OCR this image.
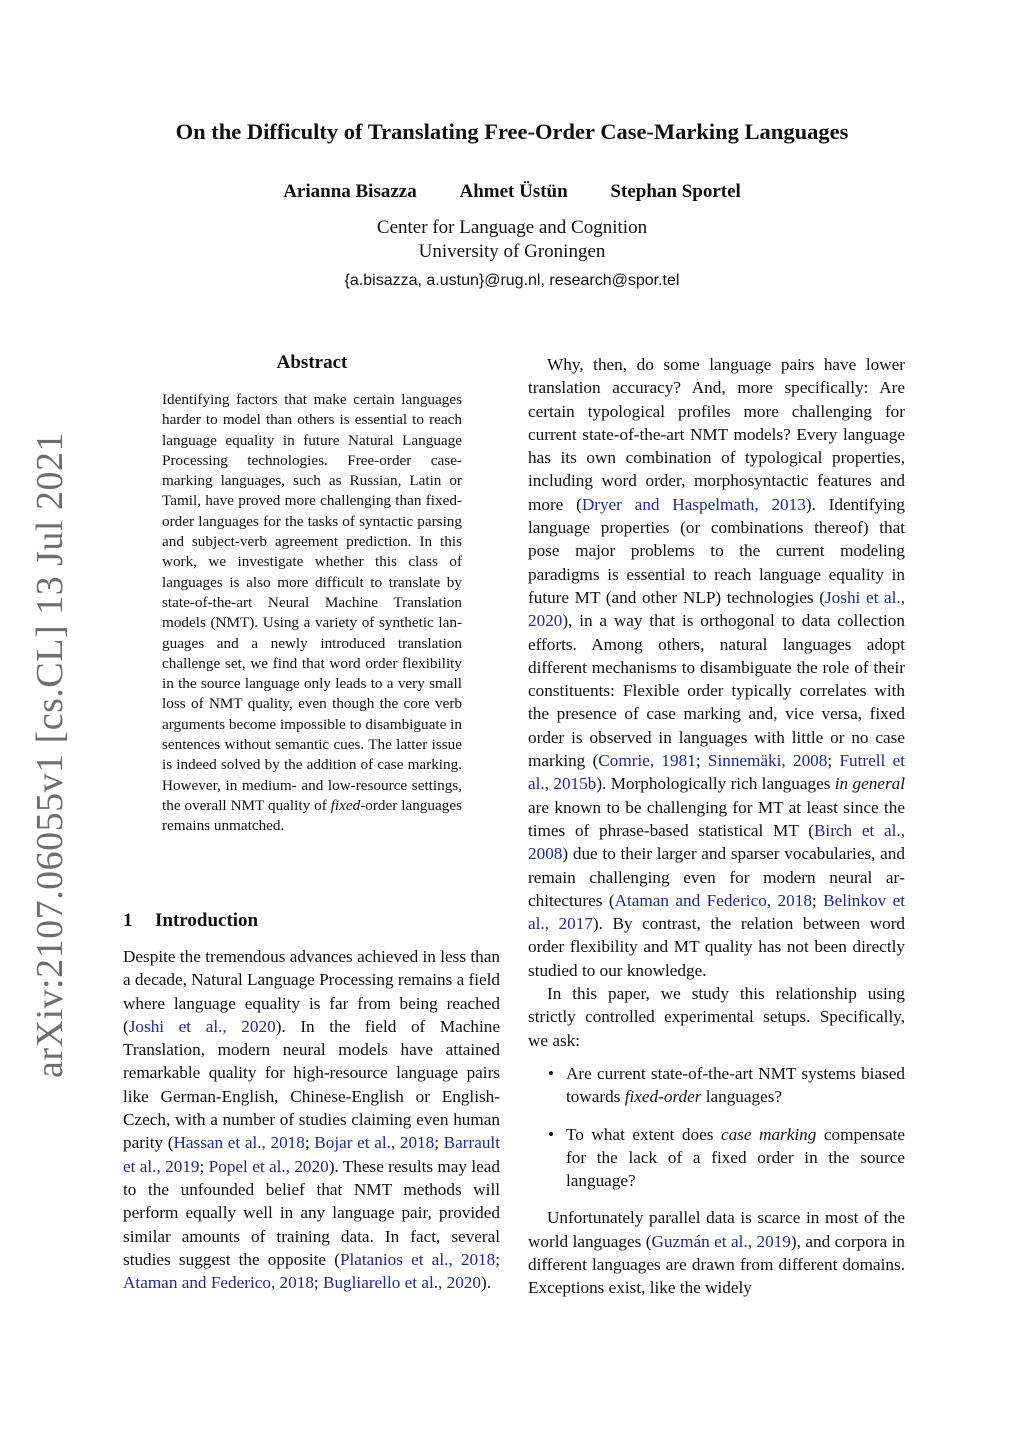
arXiv:2107.06055v1 [cs.CL] 13 Jul 2021
On the Difficulty of Translating Free-Order Case-Marking Languages
Arianna Bisazza Ahmet Üstün Stephan Sportel
Center for Language and Cognition
University of Groningen
{a.bisazza, a.ustun}@rug.nl, research@spor.tel
Abstract
Identifying factors that make certain languages harder to model than others is essential to reach language equality in future Natural Language Processing technologies. Free-order case-marking languages, such as Russian, Latin or Tamil, have proved more challenging than fixed-order languages for the tasks of syntactic parsing and subject-verb agreement prediction. In this work, we investigate whether this class of languages is also more difficult to translate by state-of-the-art Neural Machine Translation models (NMT). Using a variety of synthetic languages and a newly introduced translation challenge set, we find that word order flexibility in the source language only leads to a very small loss of NMT quality, even though the core verb arguments become impossible to disambiguate in sentences without semantic cues. The latter issue is indeed solved by the addition of case marking. However, in medium- and low-resource settings, the overall NMT quality of fixed-order languages remains unmatched.
1 Introduction

Despite the tremendous advances achieved in less than a decade, Natural Language Processing remains a field where language equality is far from being reached (Joshi et al., 2020). In the field of Machine Translation, modern neural models have attained remarkable quality for high-resource language pairs like German-English, Chinese-English or English-Czech, with a number of studies claiming even human parity (Hassan et al., 2018; Bojar et al., 2018; Barrault et al., 2019; Popel et al., 2020). These results may lead to the unfounded belief that NMT methods will perform equally well in any language pair, provided similar amounts of training data. In fact, several studies suggest the opposite (Platanios et al., 2018; Ataman and Federico, 2018; Bugliarello et al., 2020).

Why, then, do some language pairs have lower translation accuracy? And, more specifically: Are certain typological profiles more challenging for current state-of-the-art NMT models? Every language has its own combination of typological properties, including word order, morphosyntactic features and more (Dryer and Haspelmath, 2013). Identifying language properties (or combinations thereof) that pose major problems to the current modeling paradigms is essential to reach language equality in future MT (and other NLP) technologies (Joshi et al., 2020), in a way that is orthogonal to data collection efforts. Among others, natural languages adopt different mechanisms to disambiguate the role of their constituents: Flexible order typically correlates with the presence of case marking and, vice versa, fixed order is observed in languages with little or no case marking (Comrie, 1981; Sinnemäki, 2008; Futrell et al., 2015b). Morphologically rich languages in general are known to be challenging for MT at least since the times of phrase-based statistical MT (Birch et al., 2008) due to their larger and sparser vocabularies, and remain challenging even for modern neural architectures (Ataman and Federico, 2018; Belinkov et al., 2017). By contrast, the relation between word order flexibility and MT quality has not been directly studied to our knowledge.

In this paper, we study this relationship using strictly controlled experimental setups. Specifically, we ask:

• Are current state-of-the-art NMT systems biased towards fixed-order languages?
• To what extent does case marking compensate for the lack of a fixed order in the source language?

Unfortunately parallel data is scarce in most of the world languages (Guzmán et al., 2019), and corpora in different languages are drawn from different domains. Exceptions exist, like the widely
